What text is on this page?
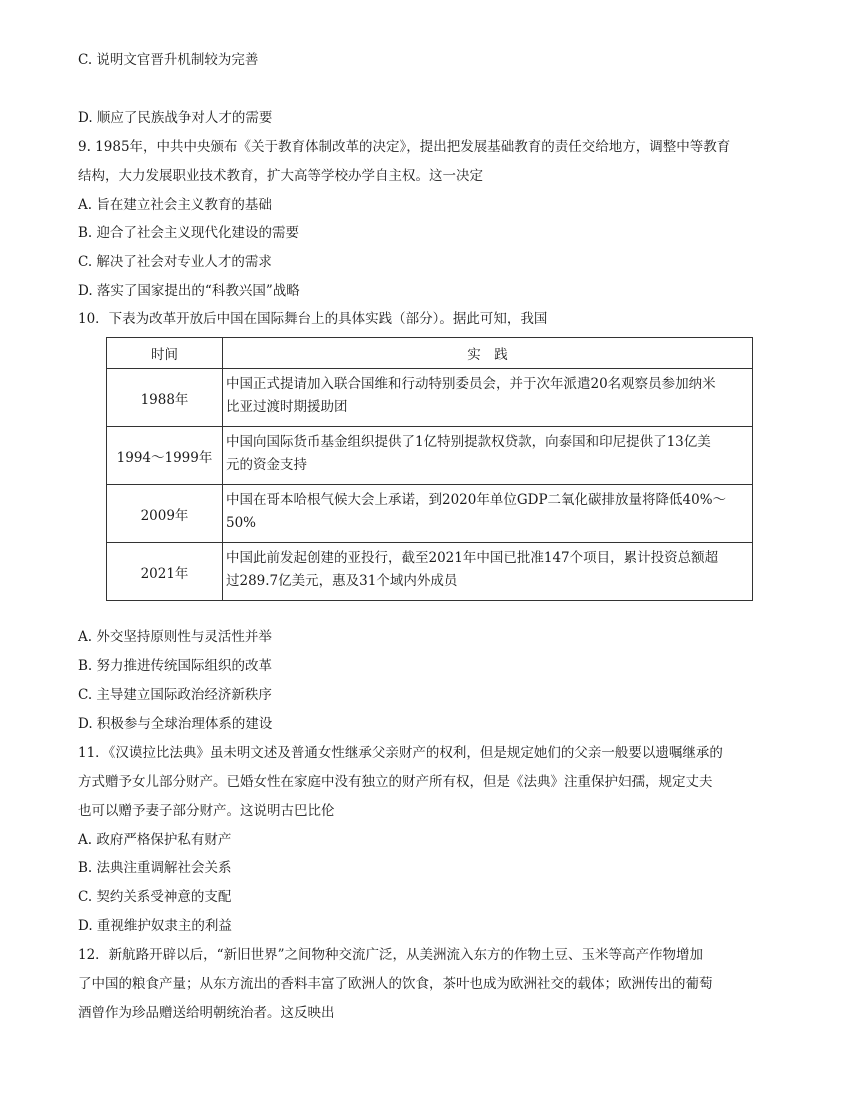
C. 说明文官晋升机制较为完善
D. 顺应了民族战争对人才的需要
9. 1985年，中共中央颁布《关于教育体制改革的决定》，提出把发展基础教育的责任交给地方，调整中等教育
结构，大力发展职业技术教育，扩大高等学校办学自主权。这一决定
A. 旨在建立社会主义教育的基础
B. 迎合了社会主义现代化建设的需要
C. 解决了社会对专业人才的需求
D. 落实了国家提出的“科教兴国”战略
10．下表为改革开放后中国在国际舞台上的具体实践（部分）。据此可知，我国
时间	实　践
1988年	中国正式提请加入联合国维和行动特别委员会，并于次年派遣20名观察员参加纳米
比亚过渡时期援助团

1994～1999年	中国向国际货币基金组织提供了1亿特别提款权贷款，向泰国和印尼提供了13亿美
元的资金支持

2009年	中国在哥本哈根气候大会上承诺，到2020年单位GDP二氧化碳排放量将降低40%～
50%

2021年	中国此前发起创建的亚投行，截至2021年中国已批准147个项目，累计投资总额超
过289.7亿美元，惠及31个域内外成员
A. 外交坚持原则性与灵活性并举
B. 努力推进传统国际组织的改革
C. 主导建立国际政治经济新秩序
D. 积极参与全球治理体系的建设
11．《汉谟拉比法典》虽未明文述及普通女性继承父亲财产的权利，但是规定她们的父亲一般要以遗嘱继承的
方式赠予女儿部分财产。已婚女性在家庭中没有独立的财产所有权，但是《法典》注重保护妇孺，规定丈夫
也可以赠予妻子部分财产。这说明古巴比伦
A. 政府严格保护私有财产
B. 法典注重调解社会关系
C. 契约关系受神意的支配
D. 重视维护奴隶主的利益
12．新航路开辟以后，“新旧世界”之间物种交流广泛，从美洲流入东方的作物土豆、玉米等高产作物增加
了中国的粮食产量；从东方流出的香料丰富了欧洲人的饮食，茶叶也成为欧洲社交的载体；欧洲传出的葡萄
酒曾作为珍品赠送给明朝统治者。这反映出
